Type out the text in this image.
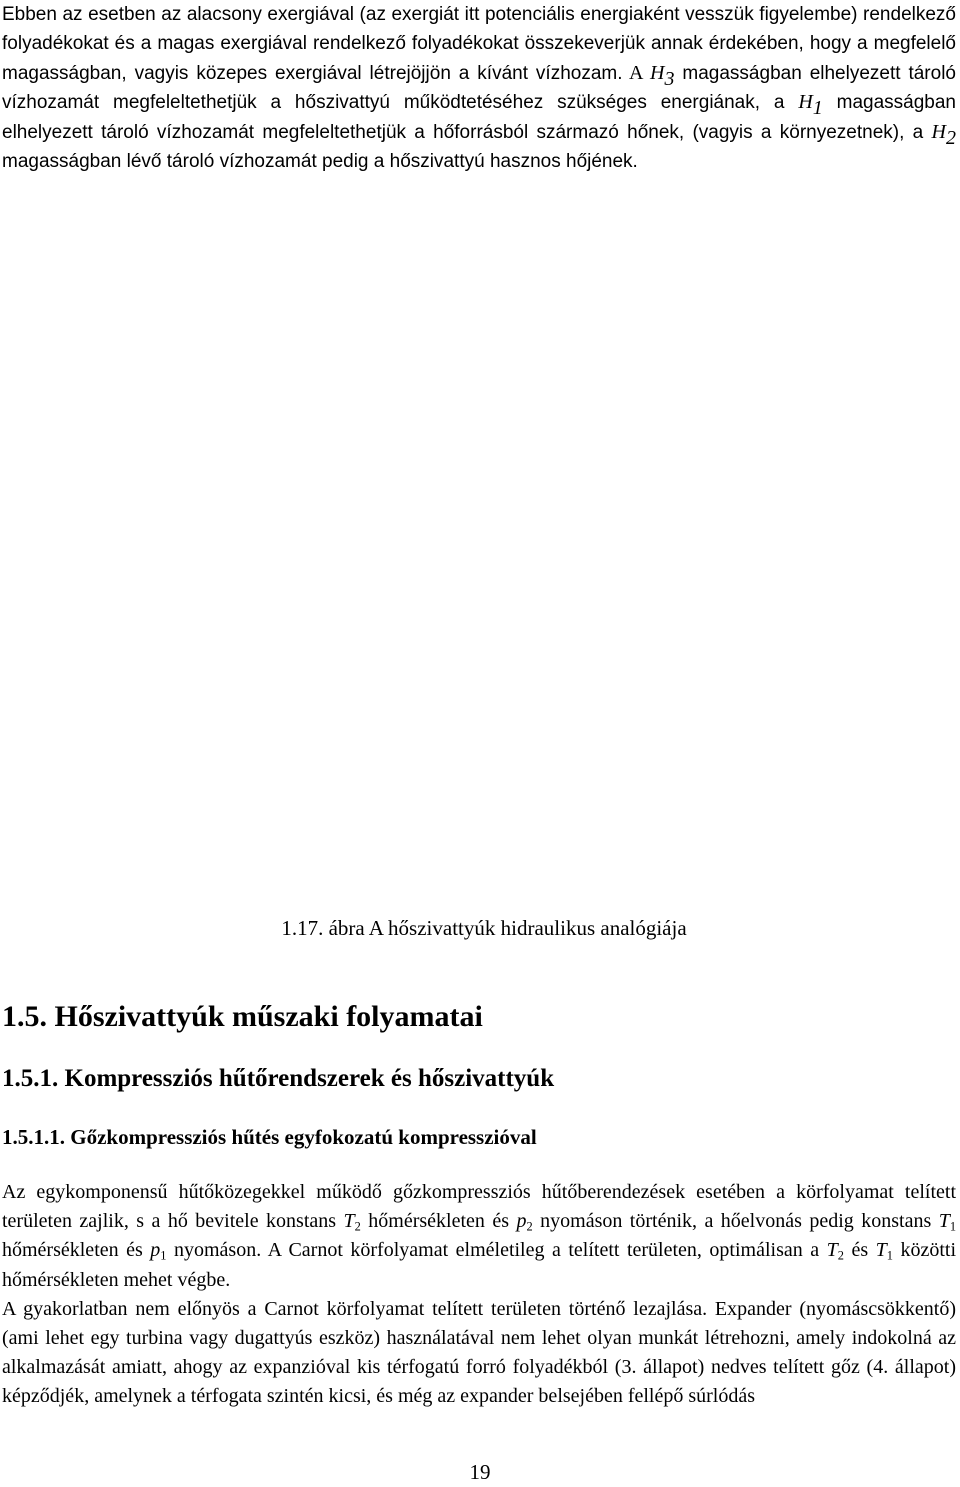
Ebben az esetben az alacsony exergiával (az exergiát itt potenciális energiaként vesszük figyelembe) rendelkező folyadékokat és a magas exergiával rendelkező folyadékokat összekeverjük annak érdekében, hogy a megfelelő magasságban, vagyis közepes exergiával létrejöjjön a kívánt vízhozam. A $H_3$ magasságban elhelyezett tároló vízhozamát megfeleltethetjük a hőszivattyú működtetéséhez szükséges energiának, a $H_1$ magasságban elhelyezett tároló vízhozamát megfeleltethetjük a hőforrásból származó hőnek, (vagyis a környezetnek), a $H_2$ magasságban lévő tároló vízhozamát pedig a hőszivattyú hasznos hőjének.

1.17. ábra A hőszivattyúk hidraulikus analógiája

1.5. Hőszivattyúk műszaki folyamatai
1.5.1. Kompressziós hűtőrendszerek és hőszivattyúk
1.5.1.1. Gőzkompressziós hűtés egyfokozatú kompresszióval

Az egykomponensű hűtőközegekkel működő gőzkompressziós hűtőberendezések esetében a körfolyamat telített területen zajlik, s a hő bevitele konstans $T_2$ hőmérsékleten és $p_2$ nyomáson történik, a hőelvonás pedig konstans $T_1$ hőmérsékleten és $p_1$ nyomáson. A Carnot körfolyamat elméletileg a telített területen, optimálisan a $T_2$ és $T_1$ közötti hőmérsékleten mehet végbe.

A gyakorlatban nem előnyös a Carnot körfolyamat telített területen történő lezajlása. Expander (nyomáscsökkentő) (ami lehet egy turbina vagy dugattyús eszköz) használatával nem lehet olyan munkát létrehozni, amely indokolná az alkalmazását amiatt, ahogy az expanzióval kis térfogatú forró folyadékból (3. állapot) nedves telített gőz (4. állapot) képződjék, amelynek a térfogata szintén kicsi, és még az expander belsejében fellépő súrlódás

19
